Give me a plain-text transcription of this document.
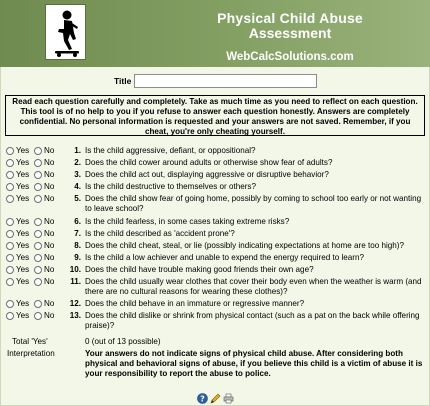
Physical Child Abuse
Assessment
WebCalcSolutions.com
Title
Read each question carefully and completely. Take as much time as you need to reflect on each question. This tool is of no help to you if you refuse to answer each question honestly. Answers are completely confidential. No personal information is requested and your answers are not saved. Remember, if you cheat, you're only cheating yourself.
Yes No	1. Is the child aggressive, defiant, or oppositional?
Yes No	2. Does the child cower around adults or otherwise show fear of adults?
Yes No	3. Does the child act out, displaying aggressive or disruptive behavior?
Yes No	4. Is the child destructive to themselves or others?
Yes No	5. Does the child show fear of going home, possibly by coming to school too early or not wanting to leave school?
Yes No	6. Is the child fearless, in some cases taking extreme risks?
Yes No	7. Is the child described as 'accident prone'?
Yes No	8. Does the child cheat, steal, or lie (possibly indicating expectations at home are too high)?
Yes No	9. Is the child a low achiever and unable to expend the energy required to learn?
Yes No	10. Does the child have trouble making good friends their own age?
Yes No	11. Does the child usually wear clothes that cover their body even when the weather is warm (and there are no cultural reasons for wearing these clothes)?
Yes No	12. Does the child behave in an immature or regressive manner?
Yes No	13. Does the child dislike or shrink from physical contact (such as a pat on the back while offering praise)?
Total 'Yes'	0 (out of 13 possible)
Interpretation	Your answers do not indicate signs of physical child abuse. After considering both physical and behavioral signs of abuse, if you believe this child is a victim of abuse it is your responsibility to report the abuse to police.
?
